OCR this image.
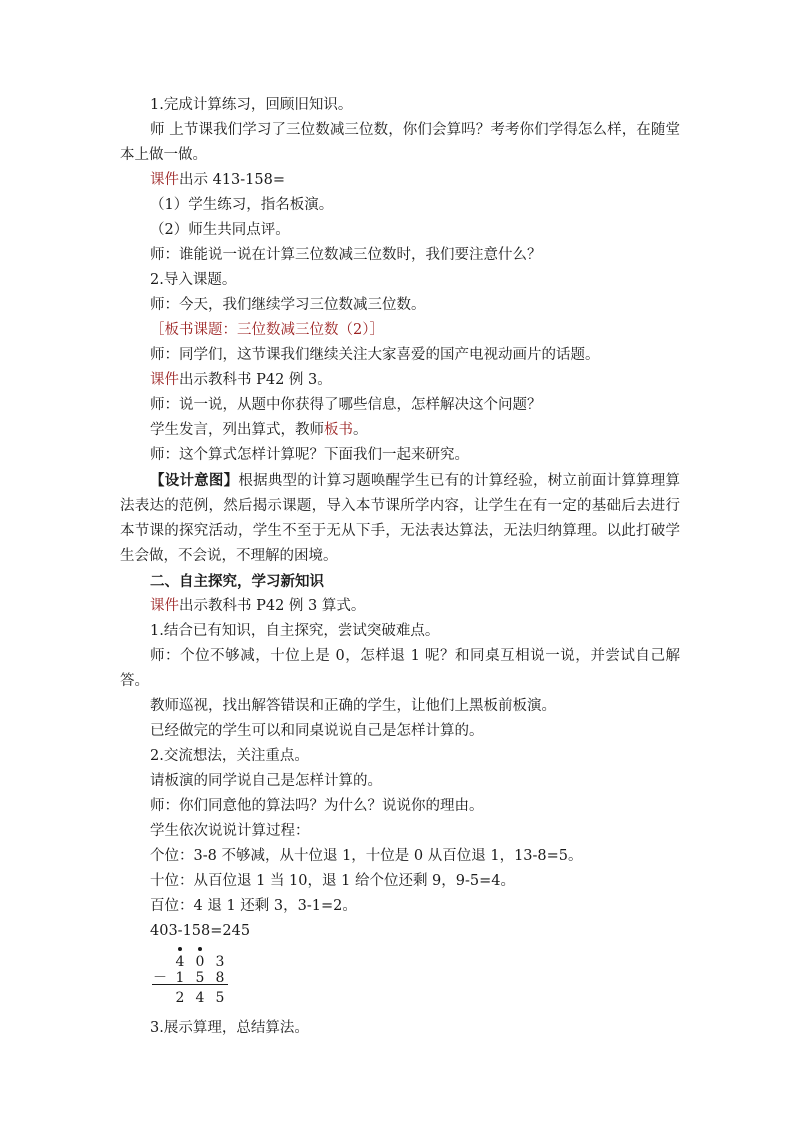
1.完成计算练习，回顾旧知识。
师 上节课我们学习了三位数减三位数，你们会算吗？考考你们学得怎么样，在随堂本上做一做。
课件出示 413-158=
（1）学生练习，指名板演。
（2）师生共同点评。
师：谁能说一说在计算三位数减三位数时，我们要注意什么？
2.导入课题。
师：今天，我们继续学习三位数减三位数。
［板书课题：三位数减三位数（2）］
师：同学们，这节课我们继续关注大家喜爱的国产电视动画片的话题。
课件出示教科书 P42 例 3。
师：说一说，从题中你获得了哪些信息，怎样解决这个问题？
学生发言，列出算式，教师板书。
师：这个算式怎样计算呢？下面我们一起来研究。
【设计意图】根据典型的计算习题唤醒学生已有的计算经验，树立前面计算算理算法表达的范例，然后揭示课题，导入本节课所学内容，让学生在有一定的基础后去进行本节课的探究活动，学生不至于无从下手，无法表达算法，无法归纳算理。以此打破学生会做，不会说，不理解的困境。
二、自主探究，学习新知识
课件出示教科书 P42 例 3 算式。
1.结合已有知识，自主探究，尝试突破难点。
师：个位不够减，十位上是 0，怎样退 1 呢？和同桌互相说一说，并尝试自己解答。
教师巡视，找出解答错误和正确的学生，让他们上黑板前板演。
已经做完的学生可以和同桌说说自己是怎样计算的。
2.交流想法，关注重点。
请板演的同学说自己是怎样计算的。
师：你们同意他的算法吗？为什么？说说你的理由。
学生依次说说计算过程：
个位：3-8 不够减，从十位退 1，十位是 0 从百位退 1，13-8=5。
十位：从百位退 1 当 10，退 1 给个位还剩 9，9-5=4。
百位：4 退 1 还剩 3，3-1=2。
403-158=245
4 0 3
－ 1 5 8
2 4 5
3.展示算理，总结算法。
